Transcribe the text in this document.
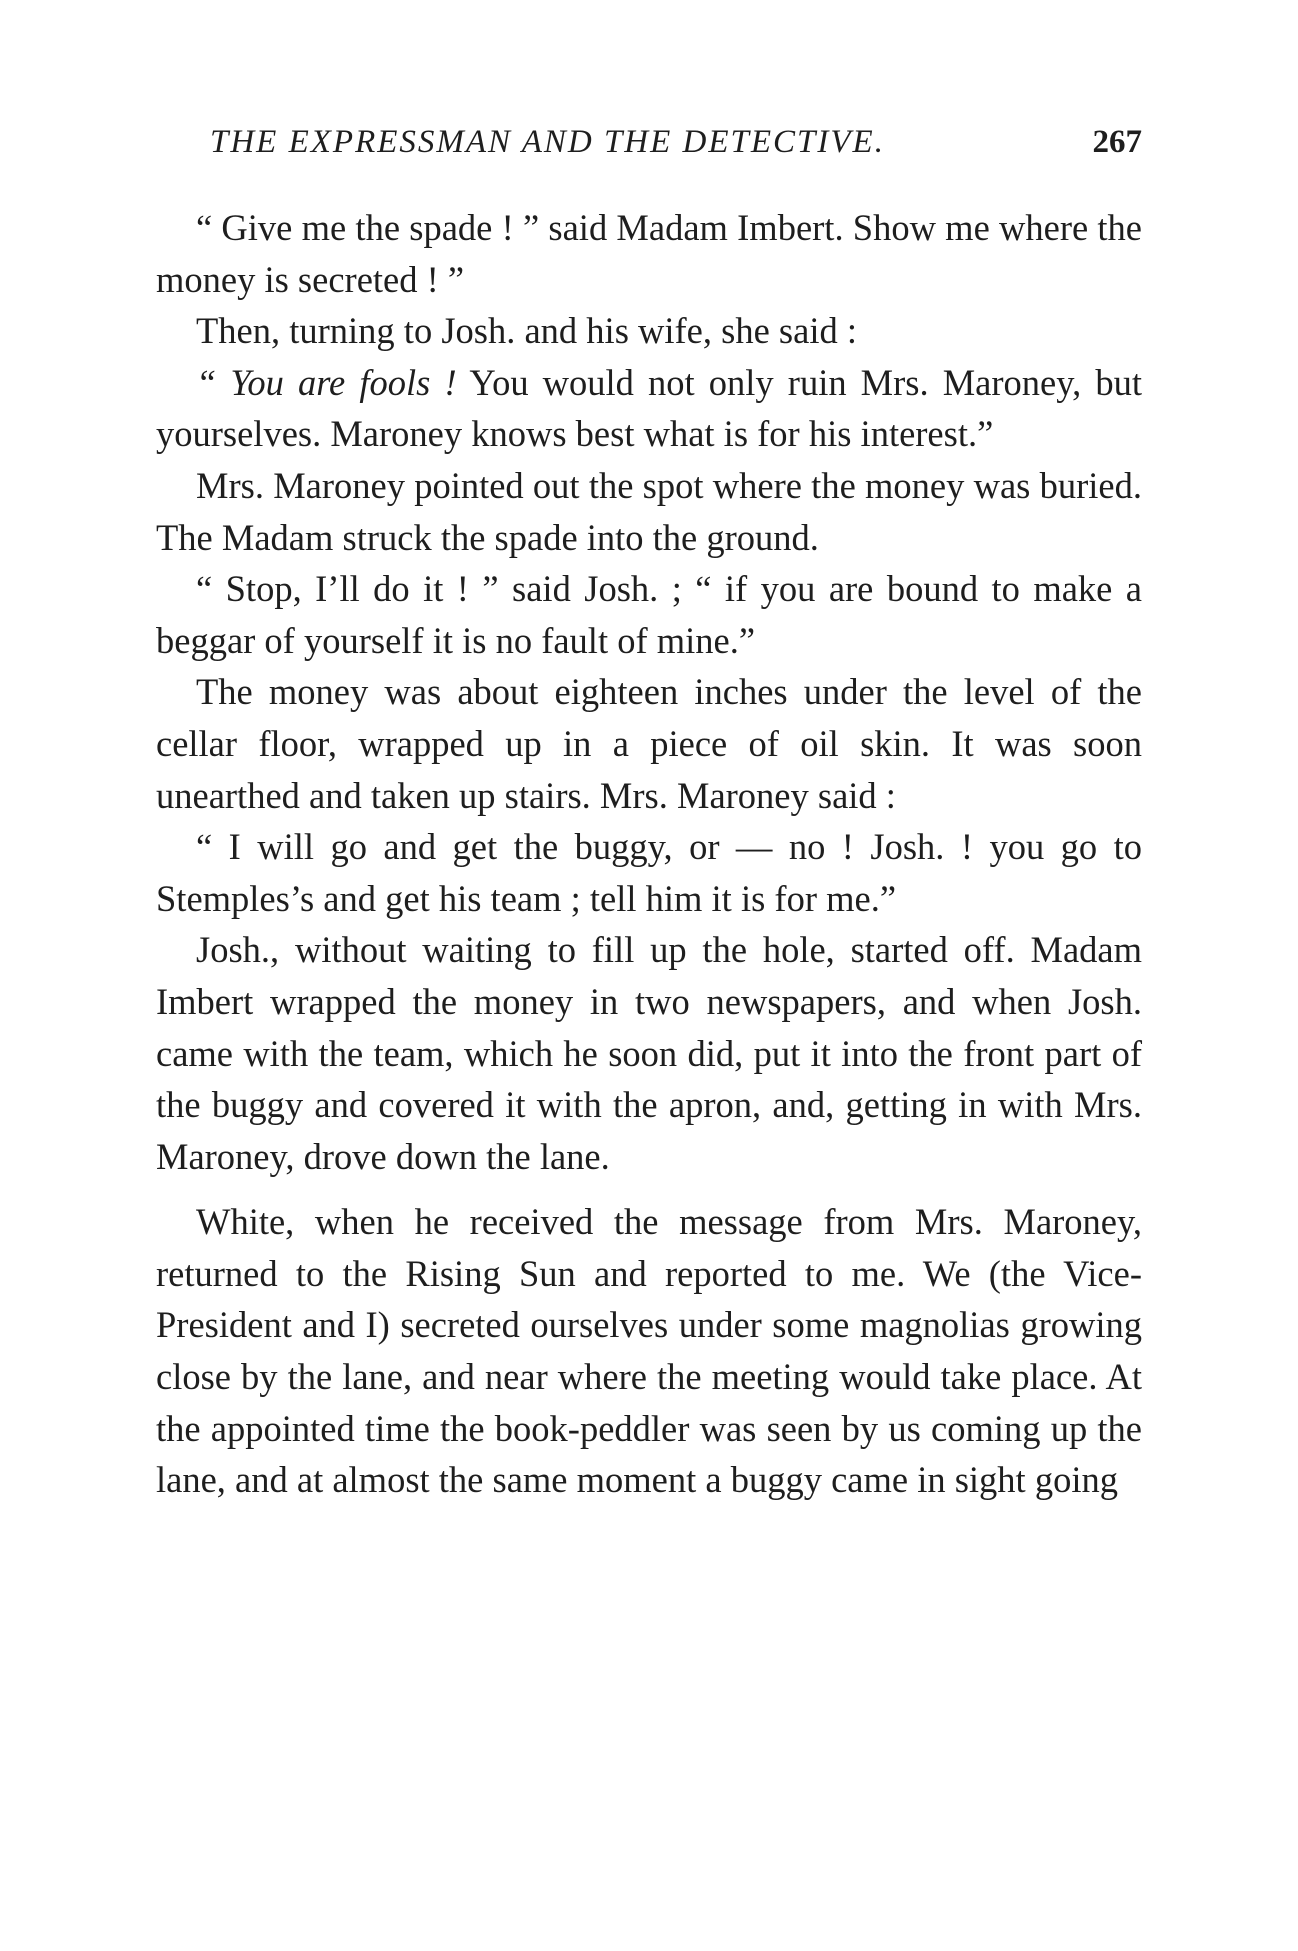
THE EXPRESSMAN AND THE DETECTIVE.	267

“ Give me the spade ! ” said Madam Imbert. Show me where the money is secreted ! ”

Then, turning to Josh. and his wife, she said :

“ You are fools ! You would not only ruin Mrs. Maroney, but yourselves. Maroney knows best what is for his interest.”

Mrs. Maroney pointed out the spot where the money was buried. The Madam struck the spade into the ground.

“ Stop, I’ll do it ! ” said Josh. ; “ if you are bound to make a beggar of yourself it is no fault of mine.”

The money was about eighteen inches under the level of the cellar floor, wrapped up in a piece of oil skin. It was soon unearthed and taken up stairs. Mrs. Maroney said :

“ I will go and get the buggy, or — no ! Josh. ! you go to Stemples’s and get his team ; tell him it is for me.”

Josh., without waiting to fill up the hole, started off. Madam Imbert wrapped the money in two newspapers, and when Josh. came with the team, which he soon did, put it into the front part of the buggy and covered it with the apron, and, getting in with Mrs. Maroney, drove down the lane.

White, when he received the message from Mrs. Maroney, returned to the Rising Sun and reported to me. We (the Vice-President and I) secreted ourselves under some magnolias growing close by the lane, and near where the meeting would take place. At the appointed time the book-peddler was seen by us coming up the lane, and at almost the same moment a buggy came in sight going
